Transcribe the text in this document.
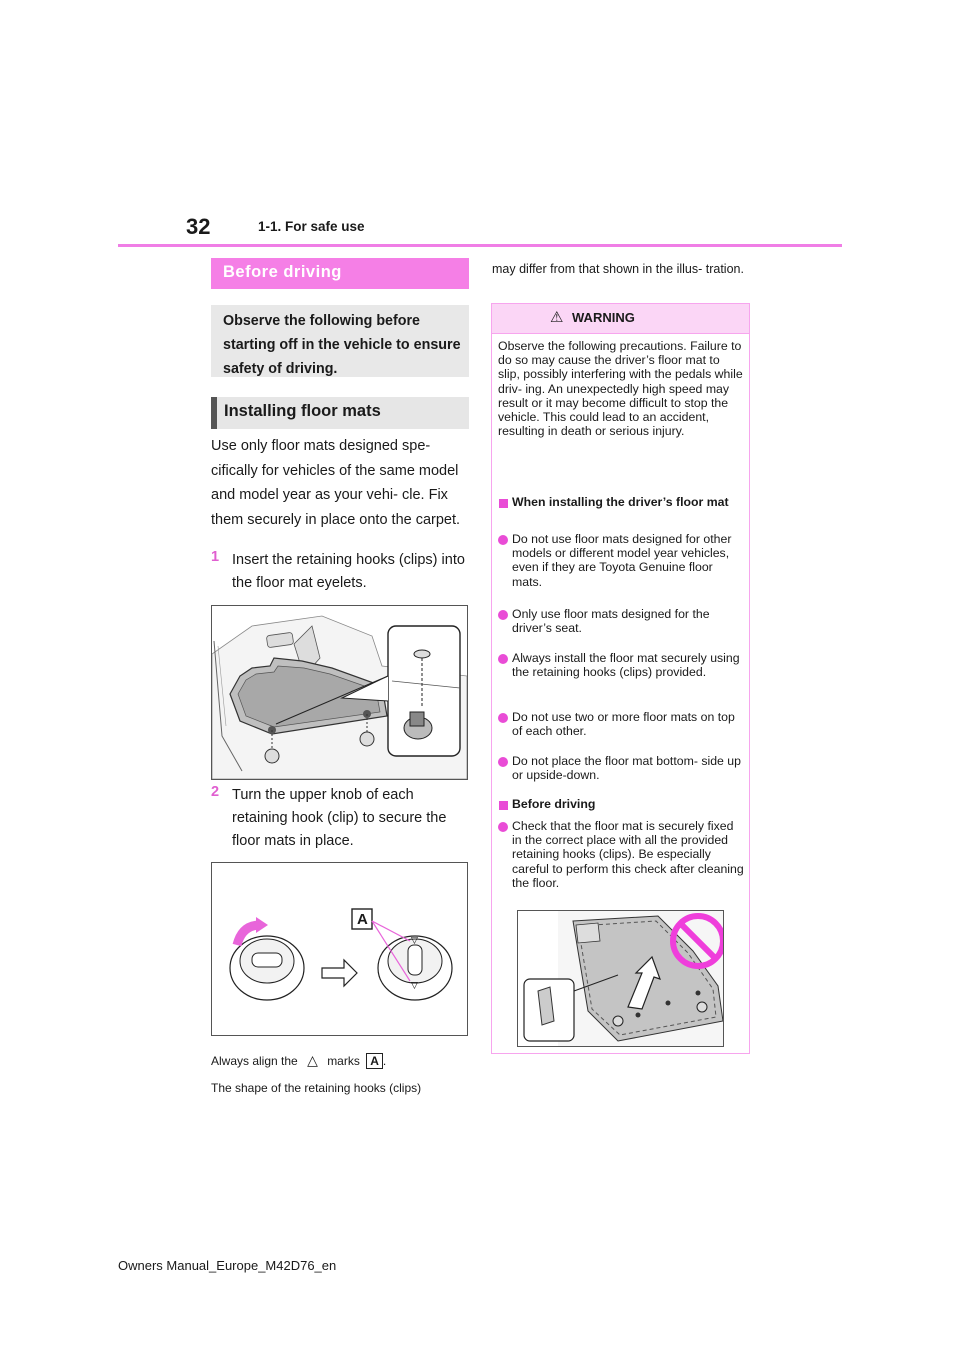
32	1-1. For safe use
Before driving
Observe the following before starting off in the vehicle to ensure safety of driving.
Installing floor mats
Use only floor mats designed spe- cifically for vehicles of the same model and model year as your vehi- cle. Fix them securely in place onto the carpet.
1 Insert the retaining hooks (clips) into the floor mat eyelets.
2 Turn the upper knob of each retaining hook (clip) to secure the floor mats in place.
▽
▽
A
Always align the △ marks A .
The shape of the retaining hooks (clips)
may differ from that shown in the illus- tration.
⚠ WARNING
Observe the following precautions. Failure to do so may cause the driver’s floor mat to slip, possibly interfering with the pedals while driv- ing. An unexpectedly high speed may result or it may become difficult to stop the vehicle. This could lead to an accident, resulting in death or serious injury.
When installing the driver’s floor mat
Do not use floor mats designed for other models or different model year vehicles, even if they are Toyota Genuine floor mats.
Only use floor mats designed for the driver’s seat.
Always install the floor mat securely using the retaining hooks (clips) provided.
Do not use two or more floor mats on top of each other.
Do not place the floor mat bottom- side up or upside-down.
Before driving
Check that the floor mat is securely fixed in the correct place with all the provided retaining hooks (clips). Be especially careful to perform this check after cleaning the floor.
Owners Manual_Europe_M42D76_en
